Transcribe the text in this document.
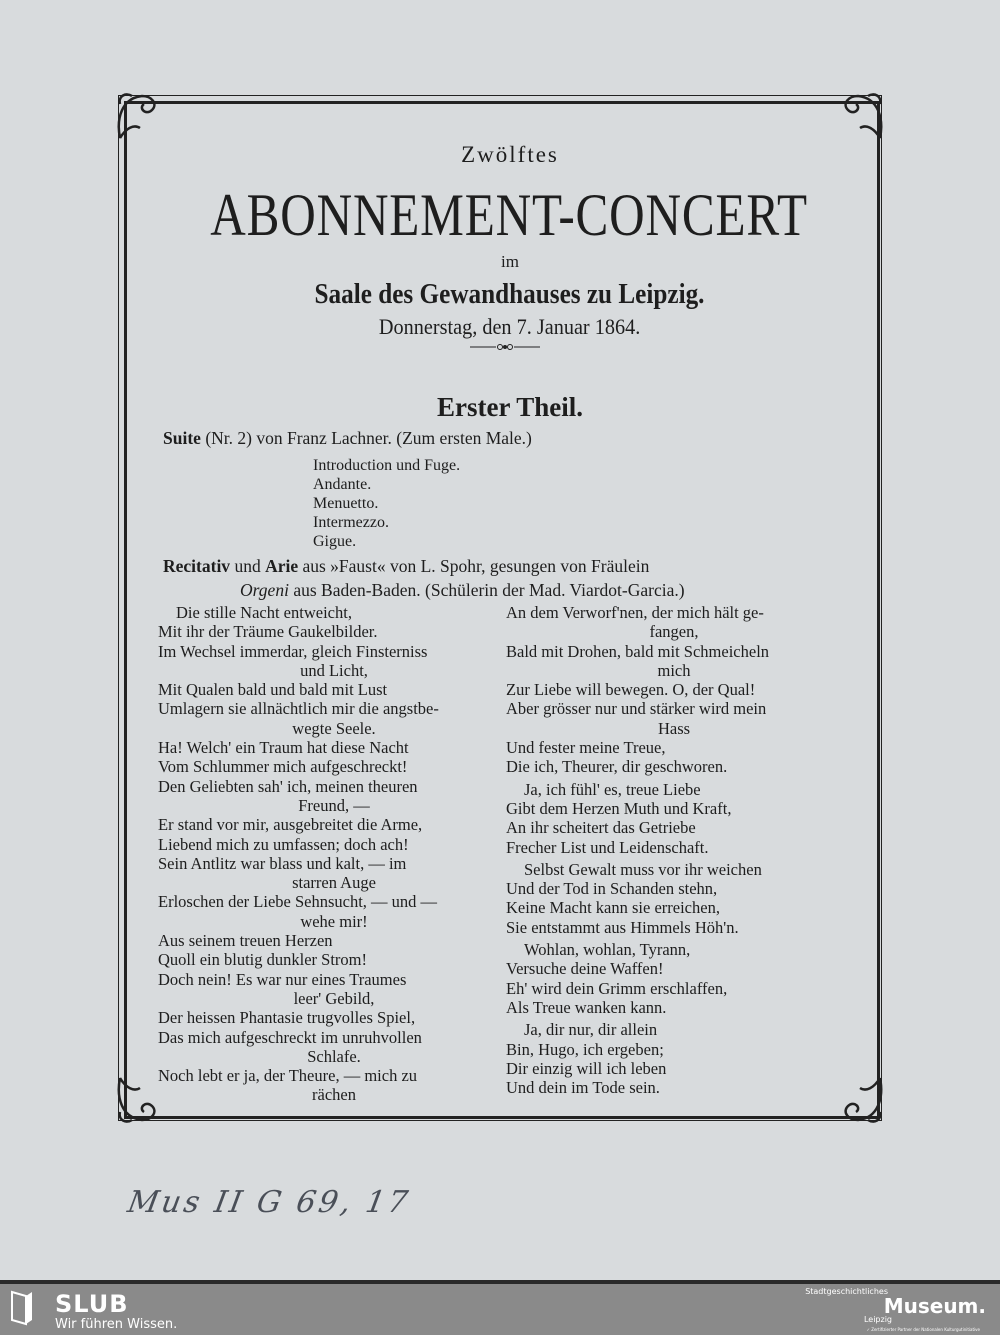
Zwölftes
ABONNEMENT-CONCERT
im
Saale des Gewandhauses zu Leipzig.
Donnerstag, den 7. Januar 1864.
Erster Theil.
Suite (Nr. 2) von Franz Lachner. (Zum ersten Male.)
Introduction und Fuge.
Andante.
Menuetto.
Intermezzo.
Gigue.
Recitativ und Arie aus »Faust« von L. Spohr, gesungen von Fräulein
Orgeni aus Baden-Baden. (Schülerin der Mad. Viardot-Garcia.)
Die stille Nacht entweicht,
Mit ihr der Träume Gaukelbilder.
Im Wechsel immerdar, gleich Finsterniss
und Licht,
Mit Qualen bald und bald mit Lust
Umlagern sie allnächtlich mir die angstbe-
wegte Seele.
Ha! Welch' ein Traum hat diese Nacht
Vom Schlummer mich aufgeschreckt!
Den Geliebten sah' ich, meinen theuren
Freund, —
Er stand vor mir, ausgebreitet die Arme,
Liebend mich zu umfassen; doch ach!
Sein Antlitz war blass und kalt, — im
starren Auge
Erloschen der Liebe Sehnsucht, — und —
wehe mir!
Aus seinem treuen Herzen
Quoll ein blutig dunkler Strom!
Doch nein! Es war nur eines Traumes
leer' Gebild,
Der heissen Phantasie trugvolles Spiel,
Das mich aufgeschreckt im unruhvollen
Schlafe.
Noch lebt er ja, der Theure, — mich zu
rächen
An dem Verworf'nen, der mich hält ge-
fangen,
Bald mit Drohen, bald mit Schmeicheln
mich
Zur Liebe will bewegen. O, der Qual!
Aber grösser nur und stärker wird mein
Hass
Und fester meine Treue,
Die ich, Theurer, dir geschworen.
Ja, ich fühl' es, treue Liebe
Gibt dem Herzen Muth und Kraft,
An ihr scheitert das Getriebe
Frecher List und Leidenschaft.
Selbst Gewalt muss vor ihr weichen
Und der Tod in Schanden stehn,
Keine Macht kann sie erreichen,
Sie entstammt aus Himmels Höh'n.
Wohlan, wohlan, Tyrann,
Versuche deine Waffen!
Eh' wird dein Grimm erschlaffen,
Als Treue wanken kann.
Ja, dir nur, dir allein
Bin, Hugo, ich ergeben;
Dir einzig will ich leben
Und dein im Tode sein.
Mus II G 69, 17
SLUB
Wir führen Wissen.
Stadtgeschichtliches
Museum.
Leipzig
✓ Zertifizierter Partner der Nationalen Kulturgutinitiative
